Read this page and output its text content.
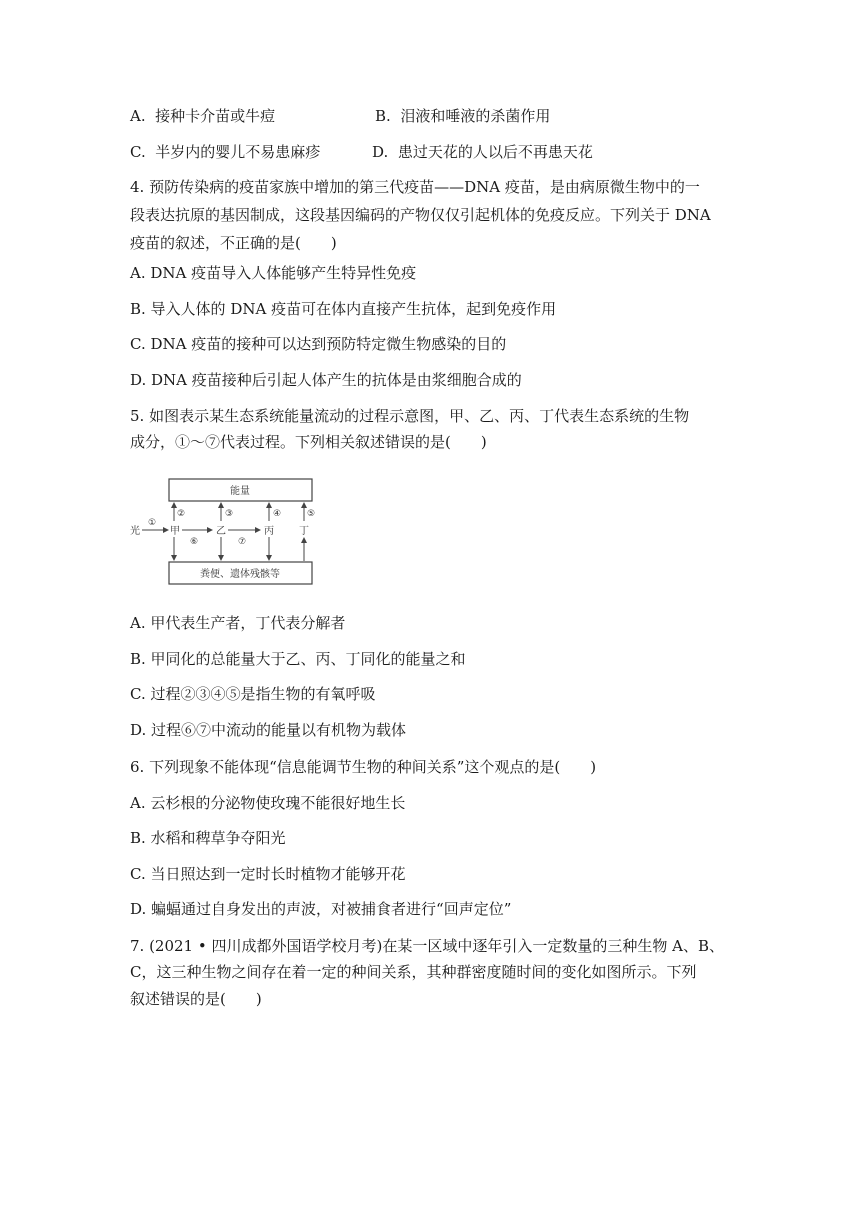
A. 接种卡介苗或牛痘	B. 泪液和唾液的杀菌作用
C. 半岁内的婴儿不易患麻疹	D. 患过天花的人以后不再患天花
4. 预防传染病的疫苗家族中增加的第三代疫苗——DNA 疫苗，是由病原微生物中的一
段表达抗原的基因制成，这段基因编码的产物仅仅引起机体的免疫反应。下列关于 DNA
疫苗的叙述，不正确的是(　　)
A. DNA 疫苗导入人体能够产生特异性免疫
B. 导入人体的 DNA 疫苗可在体内直接产生抗体，起到免疫作用
C. DNA 疫苗的接种可以达到预防特定微生物感染的目的
D. DNA 疫苗接种后引起人体产生的抗体是由浆细胞合成的
5. 如图表示某生态系统能量流动的过程示意图，甲、乙、丙、丁代表生态系统的生物
成分，①～⑦代表过程。下列相关叙述错误的是(　　)
能量
粪便、遗体残骸等
光
①
甲	乙	丙	丁
⑥	⑦
②	③	④	⑤
A. 甲代表生产者，丁代表分解者
B. 甲同化的总能量大于乙、丙、丁同化的能量之和
C. 过程②③④⑤是指生物的有氧呼吸
D. 过程⑥⑦中流动的能量以有机物为载体
6. 下列现象不能体现“信息能调节生物的种间关系”这个观点的是(　　)
A. 云杉根的分泌物使玫瑰不能很好地生长
B. 水稻和稗草争夺阳光
C. 当日照达到一定时长时植物才能够开花
D. 蝙蝠通过自身发出的声波，对被捕食者进行“回声定位”
7. (2021 • 四川成都外国语学校月考)在某一区域中逐年引入一定数量的三种生物 A、B、
C，这三种生物之间存在着一定的种间关系，其种群密度随时间的变化如图所示。下列
叙述错误的是(　　)
